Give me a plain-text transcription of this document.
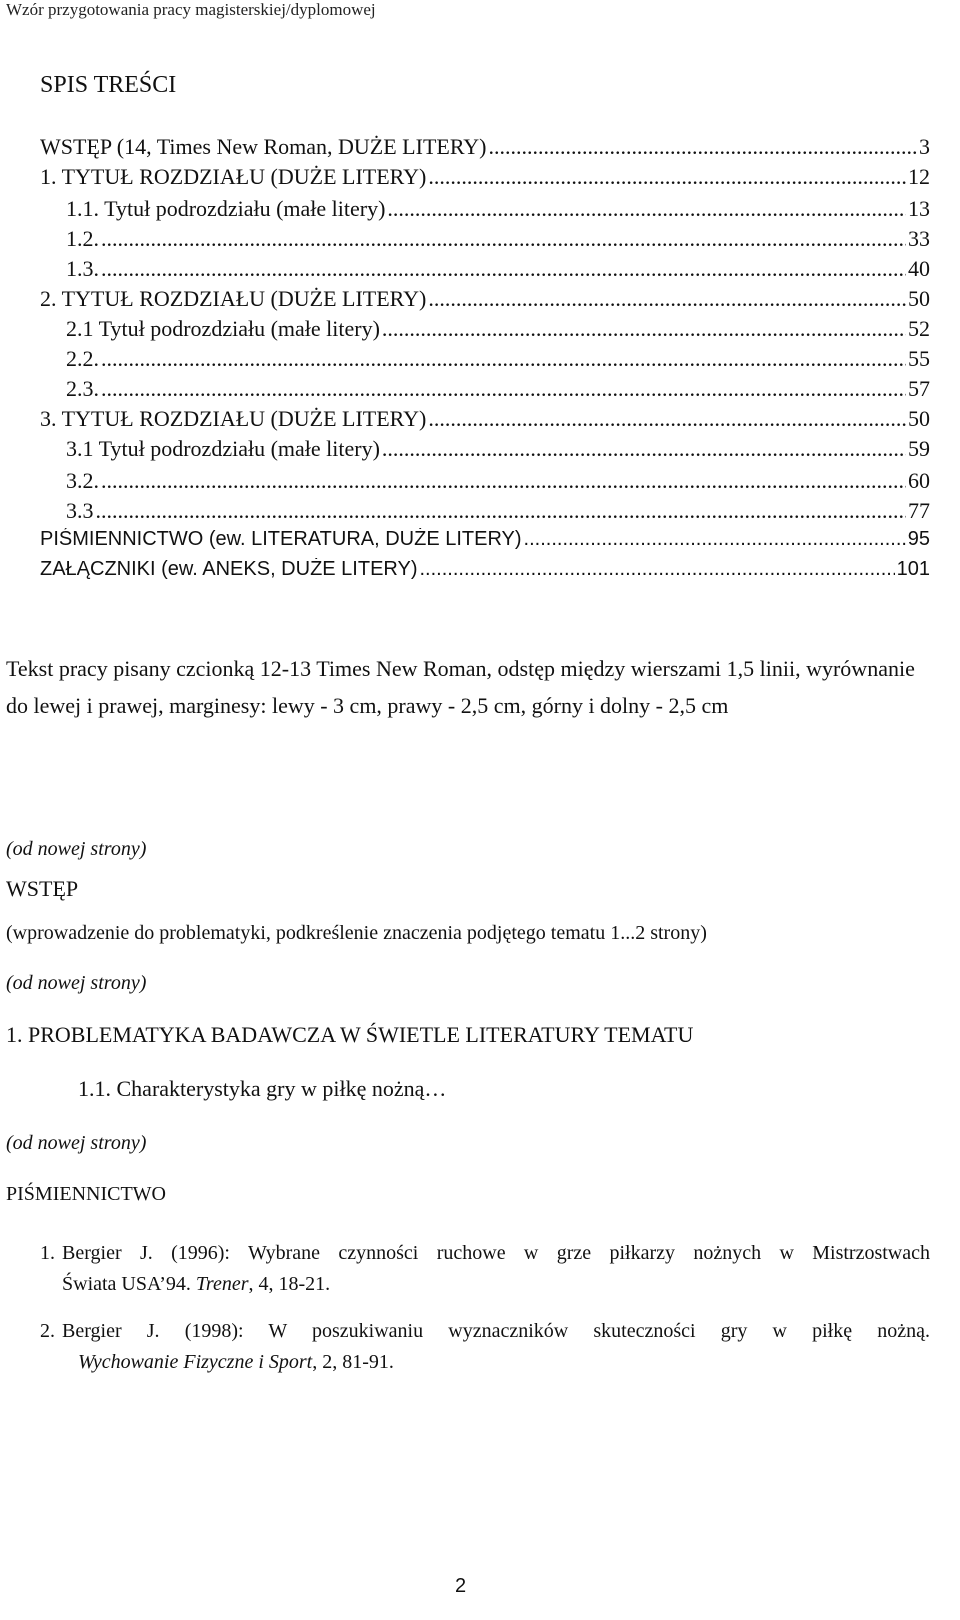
Wzór przygotowania pracy magisterskiej/dyplomowej
SPIS TREŚCI
WSTĘP (14, Times New Roman, DUŻE LITERY) .....	3
1. TYTUŁ ROZDZIAŁU (DUŻE LITERY) .....	12
1.1. Tytuł podrozdziału (małe litery) .....	13
1.2. .....	33
1.3. .....	40
2. TYTUŁ ROZDZIAŁU (DUŻE LITERY) .....	50
2.1 Tytuł podrozdziału (małe litery) .....	52
2.2. .....	55
2.3. .....	57
3. TYTUŁ ROZDZIAŁU (DUŻE LITERY) .....	50
3.1 Tytuł podrozdziału (małe litery) .....	59
3.2. .....	60
3.3 .....	77
PIŚMIENNICTWO (ew. LITERATURA, DUŻE LITERY) .....	95
ZAŁĄCZNIKI (ew. ANEKS, DUŻE LITERY) .....	101
Tekst pracy pisany czcionką 12-13 Times New Roman, odstęp między wierszami 1,5 linii, wyrównanie do lewej i prawej, marginesy: lewy - 3 cm, prawy - 2,5 cm, górny i dolny - 2,5 cm
(od nowej strony)
WSTĘP
(wprowadzenie do problematyki, podkreślenie znaczenia podjętego tematu 1...2 strony)
(od nowej strony)
1. PROBLEMATYKA BADAWCZA W ŚWIETLE LITERATURY TEMATU
1.1. Charakterystyka gry w piłkę nożną…
(od nowej strony)
PIŚMIENNICTWO
1. Bergier J. (1996): Wybrane czynności ruchowe w grze piłkarzy nożnych w Mistrzostwach
Świata USA’94. Trener, 4, 18-21.
2. Bergier J. (1998): W poszukiwaniu wyznaczników skuteczności gry w piłkę nożną.
Wychowanie Fizyczne i Sport, 2, 81-91.
2
